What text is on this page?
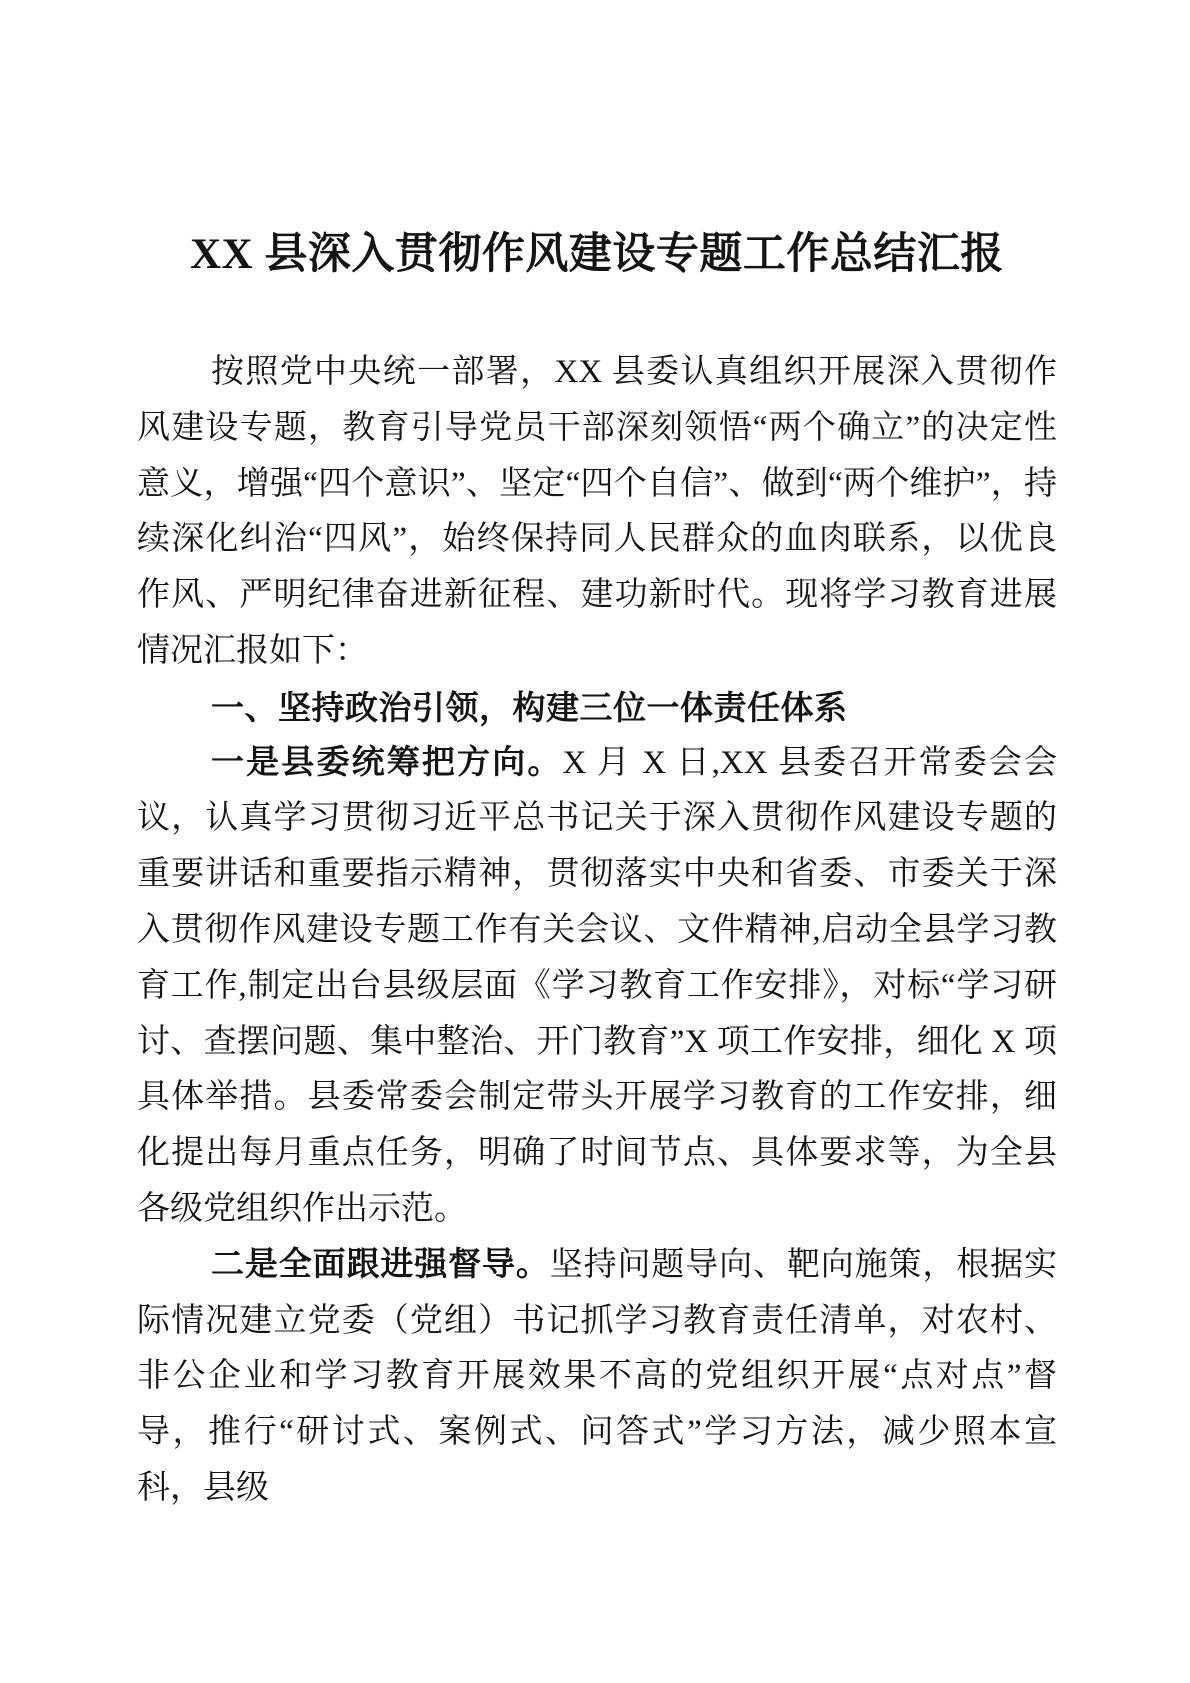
XX 县深入贯彻作风建设专题工作总结汇报

按照党中央统一部署，XX 县委认真组织开展深入贯彻作风建设专题，教育引导党员干部深刻领悟“两个确立”的决定性意义，增强“四个意识”、坚定“四个自信”、做到“两个维护”，持续深化纠治“四风”，始终保持同人民群众的血肉联系，以优良作风、严明纪律奋进新征程、建功新时代。现将学习教育进展情况汇报如下：

一、坚持政治引领，构建三位一体责任体系

一是县委统筹把方向。X 月 X 日,XX 县委召开常委会会议，认真学习贯彻习近平总书记关于深入贯彻作风建设专题的重要讲话和重要指示精神，贯彻落实中央和省委、市委关于深入贯彻作风建设专题工作有关会议、文件精神,启动全县学习教育工作,制定出台县级层面《学习教育工作安排》，对标“学习研讨、查摆问题、集中整治、开门教育”X 项工作安排，细化 X 项具体举措。县委常委会制定带头开展学习教育的工作安排，细化提出每月重点任务，明确了时间节点、具体要求等，为全县各级党组织作出示范。

二是全面跟进强督导。坚持问题导向、靶向施策，根据实际情况建立党委（党组）书记抓学习教育责任清单，对农村、非公企业和学习教育开展效果不高的党组织开展“点对点”督导，推行“研讨式、案例式、问答式”学习方法，减少照本宣科，县级
